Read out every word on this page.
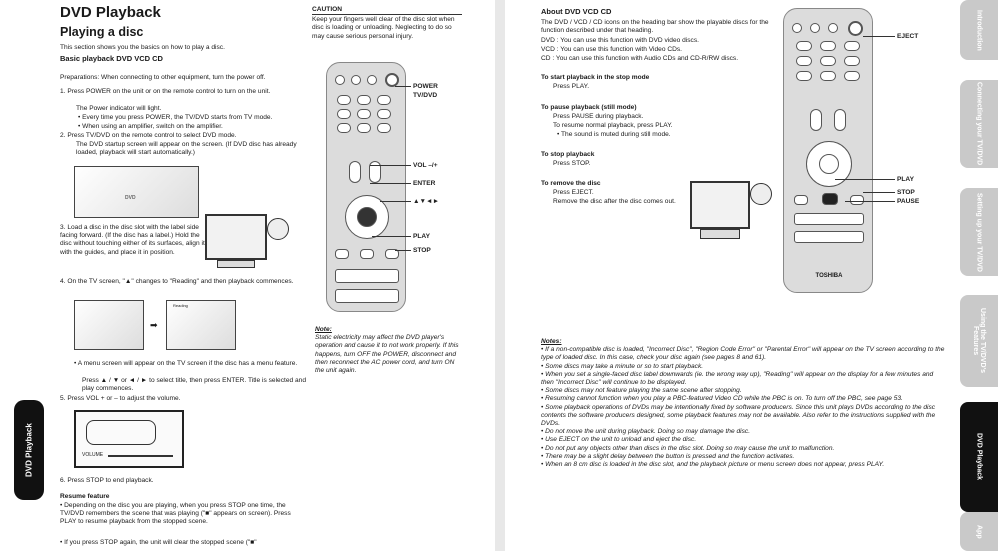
DVD Playback
Playing a disc
This section shows you the basics on how to play a disc.
Basic playback DVD VCD CD
CAUTION
Keep your fingers well clear of the disc slot when disc is loading or unloading. Neglecting to do so may cause serious personal injury.
Preparations: When connecting to other equipment, turn the power off.
1. Press POWER on the unit or on the remote control to turn on the unit.
The Power indicator will light.
• Every time you press POWER, the TV/DVD starts from TV mode.
• When using an amplifier, switch on the amplifier.
2. Press TV/DVD on the remote control to select DVD mode.
The DVD startup screen will appear on the screen. (If DVD disc has already loaded, playback will start automatically.)
DVD
3. Load a disc in the disc slot with the label side facing forward. (If the disc has a label.) Hold the disc without touching either of its surfaces, align it with the guides, and place it in position.
4. On the TV screen, "▲" changes to "Reading" and then playback commences.
➡
Reading
• A menu screen will appear on the TV screen if the disc has a menu feature.
Press ▲ / ▼ or ◄ / ► to select title, then press ENTER. Title is selected and play commences.
5. Press VOL + or – to adjust the volume.
VOLUME
6. Press STOP to end playback.
Resume feature
• Depending on the disc you are playing, when you press STOP one time, the TV/DVD remembers the scene that was playing ("■" appears on screen). Press PLAY to resume playback from the stopped scene.
• If you press STOP again, the unit will clear the stopped scene ("■"
POWER
TV/DVD
VOL –/+
ENTER
▲▼◄►
PLAY
STOP
Note:
Static electricity may affect the DVD player's operation and cause it to not work properly. If this happens, turn OFF the POWER, disconnect and then reconnect the AC power cord, and turn ON the unit again.
DVD Playback
About DVD VCD CD
The DVD / VCD / CD icons on the heading bar show the playable discs for the function described under that heading.
DVD : You can use this function with DVD video discs.
VCD : You can use this function with Video CDs.
CD : You can use this function with Audio CDs and CD-R/RW discs.
To start playback in the stop mode
Press PLAY.
To pause playback (still mode)
Press PAUSE during playback.
To resume normal playback, press PLAY.
• The sound is muted during still mode.
To stop playback
Press STOP.
To remove the disc
Press EJECT.
Remove the disc after the disc comes out.
TOSHIBA
EJECT
PLAY
STOP
PAUSE
Notes:
• If a non-compatible disc is loaded, "Incorrect Disc", "Region Code Error" or "Parental Error" will appear on the TV screen according to the type of loaded disc. In this case, check your disc again (see pages 8 and 61).
• Some discs may take a minute or so to start playback.
• When you set a single-faced disc label downwards (ie. the wrong way up), "Reading" will appear on the display for a few minutes and then "Incorrect Disc" will continue to be displayed.
• Some discs may not feature playing the same scene after stopping.
• Resuming cannot function when you play a PBC-featured Video CD while the PBC is on. To turn off the PBC, see page 53.
• Some playback operations of DVDs may be intentionally fixed by software producers. Since this unit plays DVDs according to the disc contents the software producers designed, some playback features may not be available. Also refer to the instructions supplied with the DVDs.
• Do not move the unit during playback. Doing so may damage the disc.
• Use EJECT on the unit to unload and eject the disc.
• Do not put any objects other than discs in the disc slot. Doing so may cause the unit to malfunction.
• There may be a slight delay between the button is pressed and the function activates.
• When an 8 cm disc is loaded in the disc slot, and the playback picture or menu screen does not appear, press PLAY.
Introduction
Connecting your TV/DVD
Setting up your TV/DVD
Using the TV/DVD's Features
DVD Playback
App
